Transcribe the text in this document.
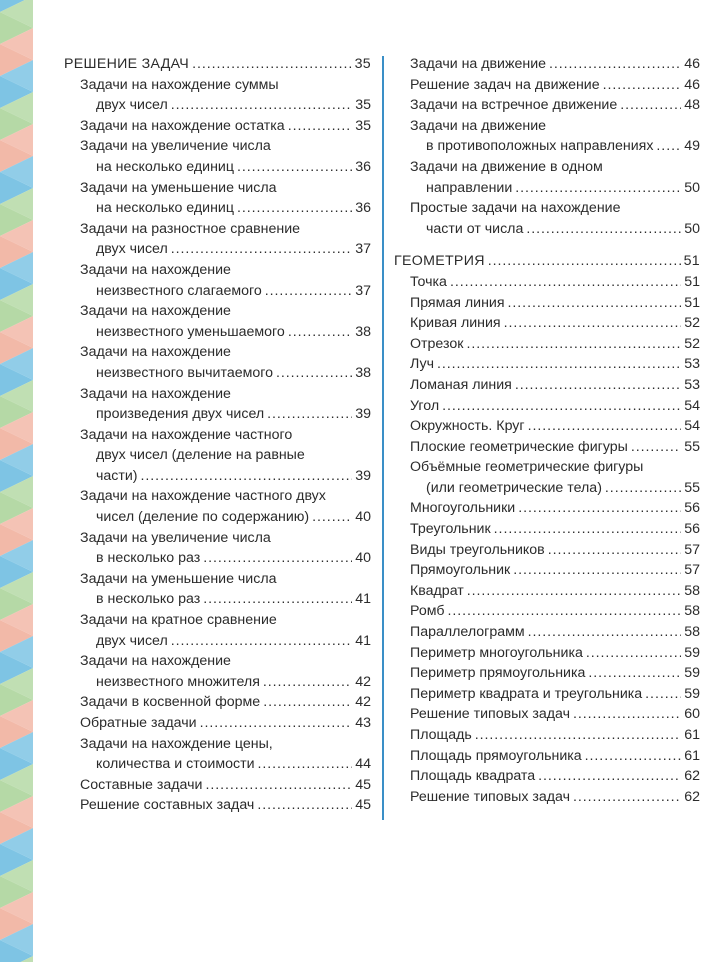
РЕШЕНИЕ ЗАДАЧ . . .	35
Задачи на нахождение суммы
двух чисел . . .	35
Задачи на нахождение остатка . . .	35
Задачи на увеличение числа
на несколько единиц . . .	36
Задачи на уменьшение числа
на несколько единиц . . .	36
Задачи на разностное сравнение
двух чисел . . .	37
Задачи на нахождение
неизвестного слагаемого . . .	37
Задачи на нахождение
неизвестного уменьшаемого . . .	38
Задачи на нахождение
неизвестного вычитаемого . . .	38
Задачи на нахождение
произведения двух чисел . . .	39
Задачи на нахождение частного
двух чисел (деление на равные
части) . . .	39
Задачи на нахождение частного двух
чисел (деление по содержанию) . . .	40
Задачи на увеличение числа
в несколько раз . . .	40
Задачи на уменьшение числа
в несколько раз . . .	41
Задачи на кратное сравнение
двух чисел . . .	41
Задачи на нахождение
неизвестного множителя . . .	42
Задачи в косвенной форме . . .	42
Обратные задачи . . .	43
Задачи на нахождение цены,
количества и стоимости . . .	44
Составные задачи . . .	45
Решение составных задач . . .	45
Задачи на движение . . .	46
Решение задач на движение . . .	46
Задачи на встречное движение . . .	48
Задачи на движение
в противоположных направлениях . . . 49
Задачи на движение в одном
направлении . . .	50
Простые задачи на нахождение
части от числа . . .	50
ГЕОМЕТРИЯ . . .	51
Точка . . .	51
Прямая линия . . .	51
Кривая линия . . .	52
Отрезок . . .	52
Луч . . .	53
Ломаная линия . . .	53
Угол . . .	54
Окружность. Круг . . .	54
Плоские геометрические фигуры . . .	55
Объёмные геометрические фигуры
(или геометрические тела) . . .	55
Многоугольники . . .	56
Треугольник . . .	56
Виды треугольников . . .	57
Прямоугольник . . .	57
Квадрат . . .	58
Ромб . . .	58
Параллелограмм . . .	58
Периметр многоугольника . . .	59
Периметр прямоугольника . . .	59
Периметр квадрата и треугольника . . .	59
Решение типовых задач . . .	60
Площадь . . .	61
Площадь прямоугольника . . .	61
Площадь квадрата . . .	62
Решение типовых задач . . .	62
